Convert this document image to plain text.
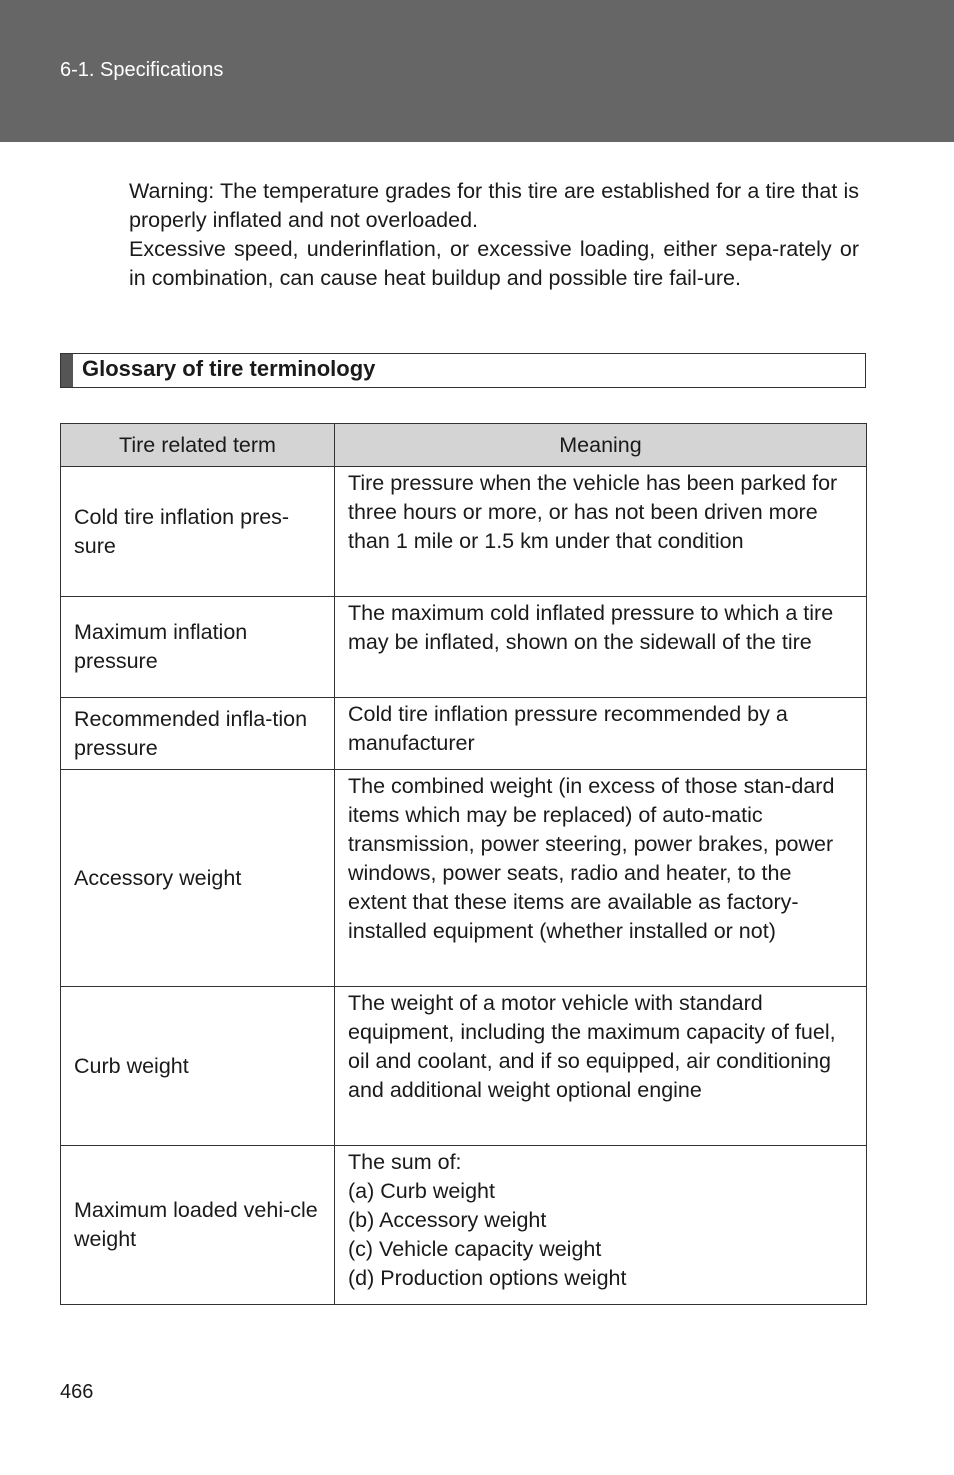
6-1. Specifications

Warning: The temperature grades for this tire are established for a tire that is properly inflated and not overloaded.

Excessive speed, underinflation, or excessive loading, either sepa-rately or in combination, can cause heat buildup and possible tire fail-ure.

Glossary of tire terminology
Tire related term	Meaning
Cold tire inflation pres-sure	Tire pressure when the vehicle has been parked for three hours or more, or has not been driven more than 1 mile or 1.5 km under that condition
Maximum inflation pressure	The maximum cold inflated pressure to which a tire may be inflated, shown on the sidewall of the tire
Recommended infla-tion pressure	Cold tire inflation pressure recommended by a manufacturer
Accessory weight	The combined weight (in excess of those stan-dard items which may be replaced) of auto-matic transmission, power steering, power brakes, power windows, power seats, radio and heater, to the extent that these items are available as factory-installed equipment (whether installed or not)
Curb weight	The weight of a motor vehicle with standard equipment, including the maximum capacity of fuel, oil and coolant, and if so equipped, air conditioning and additional weight optional engine
Maximum loaded vehi-cle weight	The sum of:
(a) Curb weight
(b) Accessory weight
(c) Vehicle capacity weight
(d) Production options weight
466
